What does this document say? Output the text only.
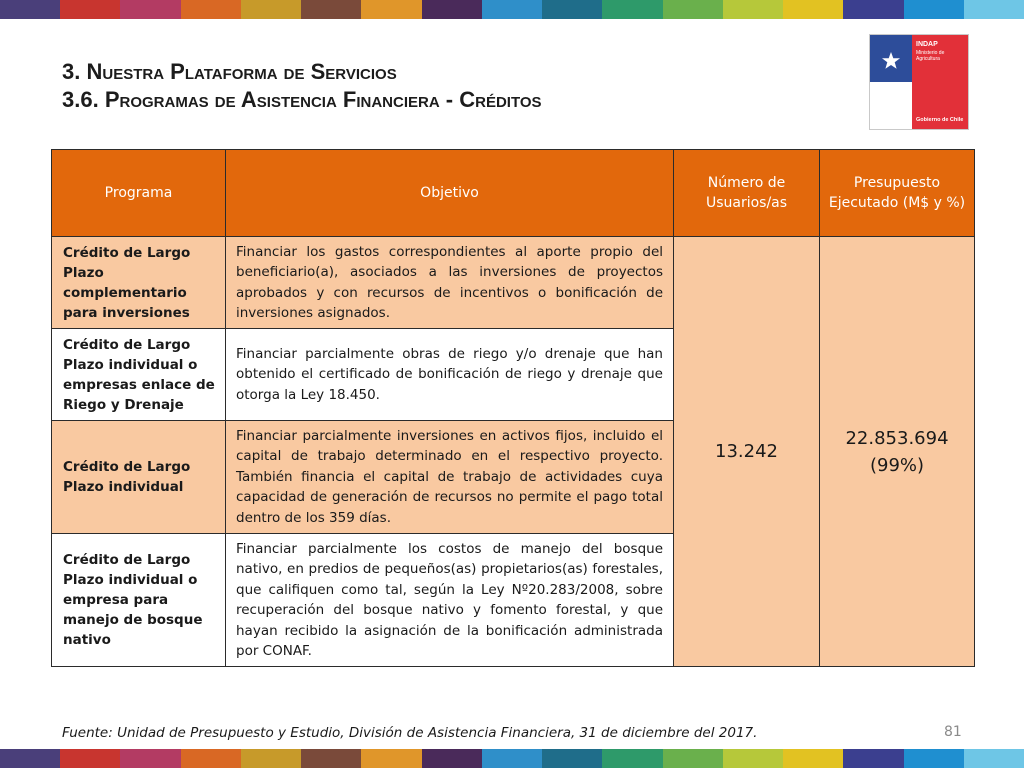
3. Nuestra Plataforma de Servicios
3.6. Programas de Asistencia Financiera - Créditos
INDAP
Ministerio de Agricultura
Gobierno de Chile
Programa	Objetivo	Número de Usuarios/as	Presupuesto Ejecutado (M$ y %)
Crédito de Largo Plazo complementario para inversiones	Financiar los gastos correspondientes al aporte propio del beneficiario(a), asociados a las inversiones de proyectos aprobados y con recursos de incentivos o bonificación de inversiones asignados.	13.242	22.853.694
(99%)

Crédito de Largo Plazo individual o empresas enlace de Riego y Drenaje	Financiar parcialmente obras de riego y/o drenaje que han obtenido el certificado de bonificación de riego y drenaje que otorga la Ley 18.450.		
Crédito de Largo Plazo individual	Financiar parcialmente inversiones en activos fijos, incluido el capital de trabajo determinado en el respectivo proyecto. También financia el capital de trabajo de actividades cuya capacidad de generación de recursos no permite el pago total dentro de los 359 días.		
Crédito de Largo Plazo individual o empresa para manejo de bosque nativo	Financiar parcialmente los costos de manejo del bosque nativo, en predios de pequeños(as) propietarios(as) forestales, que califiquen como tal, según la Ley Nº20.283/2008, sobre recuperación del bosque nativo y fomento forestal, y que hayan recibido la asignación de la bonificación administrada por CONAF.		
Fuente: Unidad de Presupuesto y Estudio, División de Asistencia Financiera, 31 de diciembre del 2017.	81
